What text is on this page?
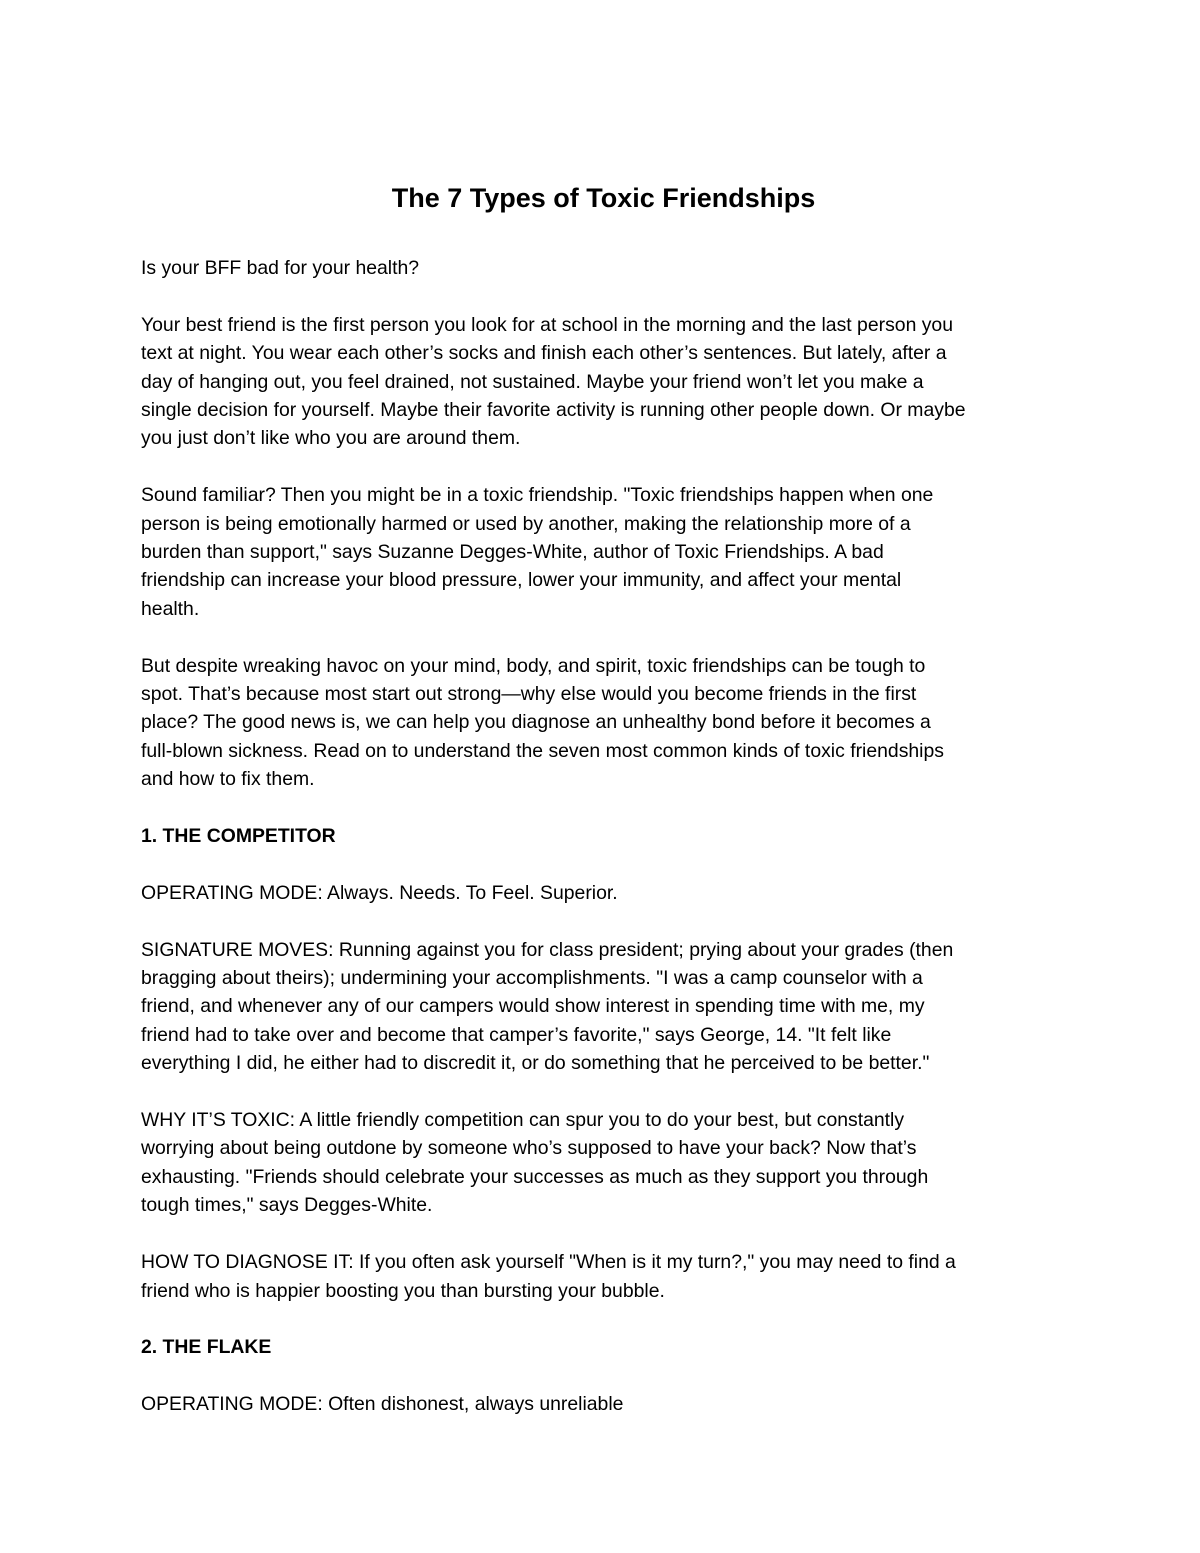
The 7 Types of Toxic Friendships
Is your BFF bad for your health?
Your best friend is the first person you look for at school in the morning and the last person you
text at night. You wear each other’s socks and finish each other’s sentences. But lately, after a
day of hanging out, you feel drained, not sustained. Maybe your friend won’t let you make a
single decision for yourself. Maybe their favorite activity is running other people down. Or maybe
you just don’t like who you are around them.
Sound familiar? Then you might be in a toxic friendship. "Toxic friendships happen when one
person is being emotionally harmed or used by another, making the relationship more of a
burden than support," says Suzanne Degges-White, author of Toxic Friendships. A bad
friendship can increase your blood pressure, lower your immunity, and affect your mental
health.
But despite wreaking havoc on your mind, body, and spirit, toxic friendships can be tough to
spot. That’s because most start out strong—why else would you become friends in the first
place? The good news is, we can help you diagnose an unhealthy bond before it becomes a
full-blown sickness. Read on to understand the seven most common kinds of toxic friendships
and how to fix them.
1. THE COMPETITOR
OPERATING MODE: Always. Needs. To Feel. Superior.
SIGNATURE MOVES: Running against you for class president; prying about your grades (then
bragging about theirs); undermining your accomplishments. "I was a camp counselor with a
friend, and whenever any of our campers would show interest in spending time with me, my
friend had to take over and become that camper’s favorite," says George, 14. "It felt like
everything I did, he either had to discredit it, or do something that he perceived to be better."
WHY IT’S TOXIC: A little friendly competition can spur you to do your best, but constantly
worrying about being outdone by someone who’s supposed to have your back? Now that’s
exhausting. "Friends should celebrate your successes as much as they support you through
tough times," says Degges-White.
HOW TO DIAGNOSE IT: If you often ask yourself "When is it my turn?," you may need to find a
friend who is happier boosting you than bursting your bubble.
2. THE FLAKE
OPERATING MODE: Often dishonest, always unreliable
